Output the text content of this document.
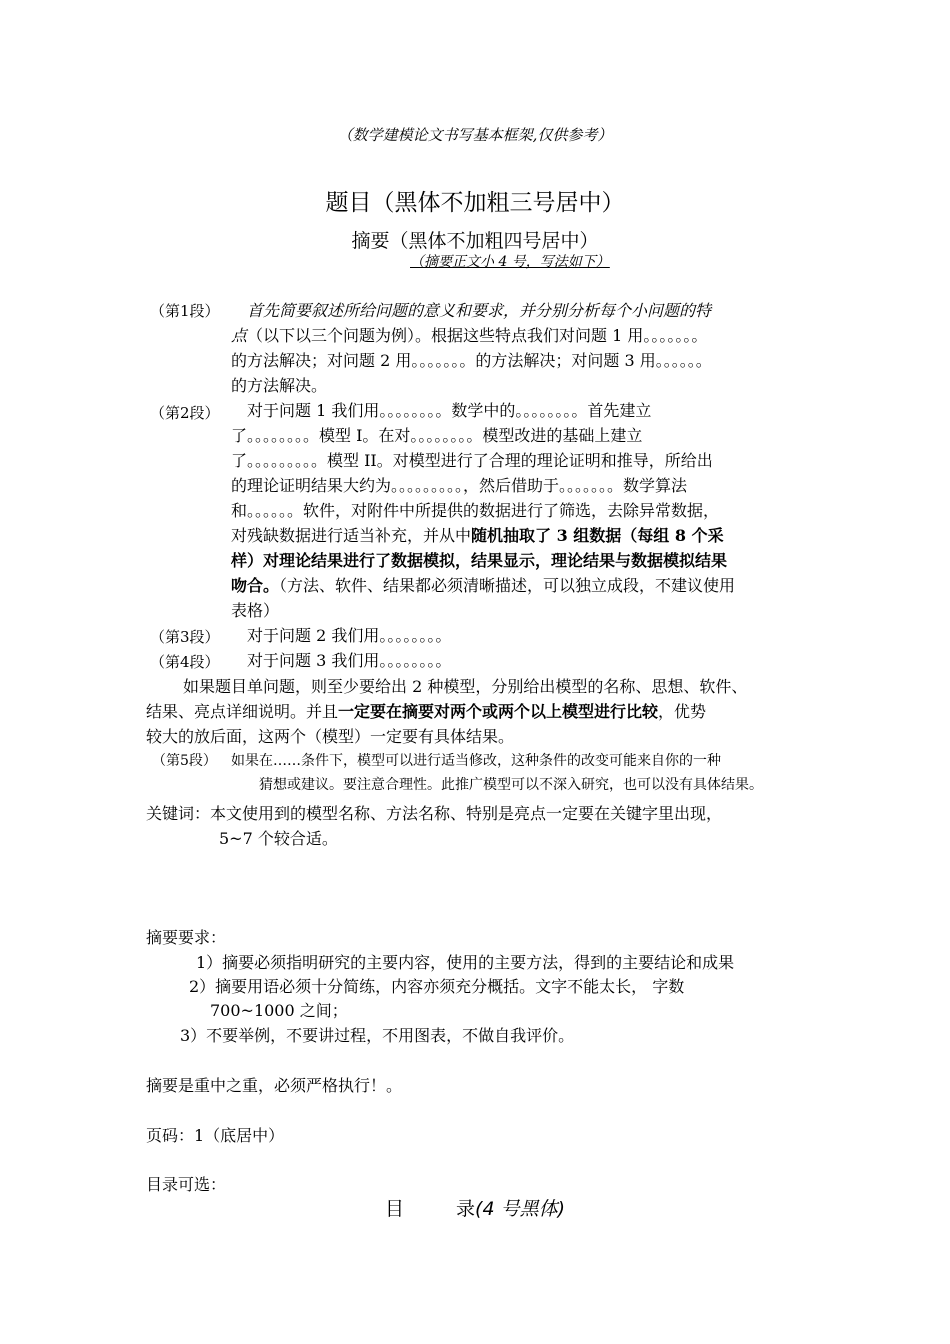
（数学建模论文书写基本框架,仅供参考）
题目（黑体不加粗三号居中）
摘要（黑体不加粗四号居中）
（摘要正文小 4 号，写法如下）
（第1段）	首先简要叙述所给问题的意义和要求，并分别分析每个小问题的特
点（以下以三个问题为例）。根据这些特点我们对问题 1 用。。。。。。。
的方法解决；对问题 2 用。。。。。。。的方法解决；对问题 3 用。。。。。。
的方法解决。
（第2段）	对于问题 1 我们用。。。。。。。。数学中的。。。。。。。。首先建立
了。。。。。。。。模型 I。在对。。。。。。。。模型改进的基础上建立
了。。。。。。。。。模型 II。对模型进行了合理的理论证明和推导，所给出
的理论证明结果大约为。。。。。。。。。，然后借助于。。。。。。。数学算法
和。。。。。。软件，对附件中所提供的数据进行了筛选，去除异常数据，
对残缺数据进行适当补充，并从中随机抽取了 3 组数据（每组 8 个采
样）对理论结果进行了数据模拟，结果显示，理论结果与数据模拟结果
吻合。（方法、软件、结果都必须清晰描述，可以独立成段，不建议使用
表格）
（第3段） 对于问题 2 我们用。。。。。。。。
（第4段） 对于问题 3 我们用。。。。。。。。
如果题目单问题，则至少要给出 2 种模型，分别给出模型的名称、思想、软件、
结果、亮点详细说明。并且一定要在摘要对两个或两个以上模型进行比较，优势
较大的放后面，这两个（模型）一定要有具体结果。
（第5段） 如果在……条件下，模型可以进行适当修改，这种条件的改变可能来自你的一种
猜想或建议。要注意合理性。此推广模型可以不深入研究，也可以没有具体结果。
关键词：本文使用到的模型名称、方法名称、特别是亮点一定要在关键字里出现，
5~7 个较合适。
摘要要求：
1）摘要必须指明研究的主要内容，使用的主要方法，得到的主要结论和成果
2）摘要用语必须十分简练，内容亦须充分概括。文字不能太长， 字数
700~1000 之间；
3）不要举例，不要讲过程，不用图表，不做自我评价。
摘要是重中之重，必须严格执行！。
页码：1（底居中）
目录可选：
目	录(4 号黑体)
